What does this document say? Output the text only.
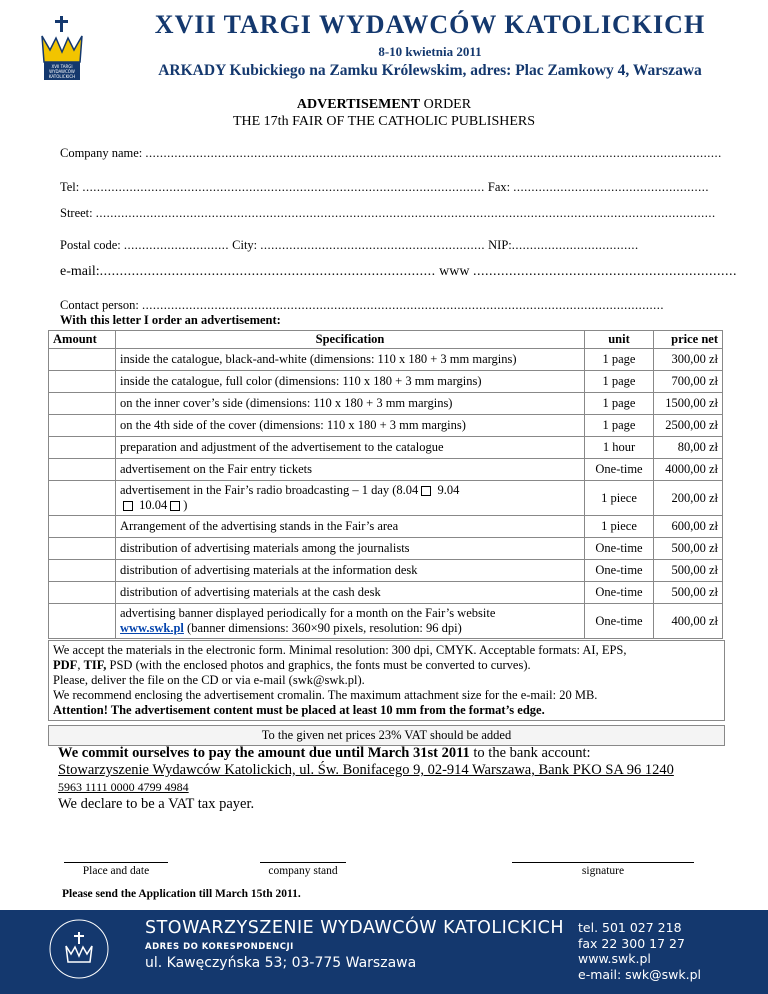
XVII TARGI
WYDAWCÓW
KATOLICKICH
XVII TARGI WYDAWCÓW KATOLICKICH
8-10 kwietnia 2011
ARKADY Kubickiego na Zamku Królewskim, adres: Plac Zamkowy 4, Warszawa
ADVERTISEMENT ORDER
THE 17th FAIR OF THE CATHOLIC PUBLISHERS
Company name: ...............................................................................................................................................................
Tel: ............................................................................................................... Fax: ......................................................
Street: ...........................................................................................................................................................................
Postal code: ............................. City: .............................................................. NIP:...................................
e-mail:.................................................................................... www ..................................................................
Contact person: ................................................................................................................................................
With this letter I order an advertisement:
Amount	Specification	unit	price net
	inside the catalogue, black-and-white (dimensions: 110 x 180 + 3 mm margins)	1 page	300,00 zł
	inside the catalogue, full color (dimensions: 110 x 180 + 3 mm margins)	1 page	700,00 zł
	on the inner cover’s side (dimensions: 110 x 180 + 3 mm margins)	1 page	1500,00 zł
	on the 4th side of the cover (dimensions: 110 x 180 + 3 mm margins)	1 page	2500,00 zł
	preparation and adjustment of the advertisement to the catalogue	1 hour	80,00 zł
	advertisement on the Fair entry tickets	One-time	4000,00 zł
	advertisement in the Fair’s radio broadcasting – 1 day (8.04 9.04
10.04 )	1 piece	200,00 zł
	Arrangement of the advertising stands in the Fair’s area	1 piece	600,00 zł
	distribution of advertising materials among the journalists	One-time	500,00 zł
	distribution of advertising materials at the information desk	One-time	500,00 zł
	distribution of advertising materials at the cash desk	One-time	500,00 zł
	advertising banner displayed periodically for a month on the Fair’s website
www.swk.pl (banner dimensions: 360×90 pixels, resolution: 96 dpi)	One-time	400,00 zł
We accept the materials in the electronic form. Minimal resolution: 300 dpi, CMYK. Acceptable formats: AI, EPS,
PDF, TIF, PSD (with the enclosed photos and graphics, the fonts must be converted to curves).
Please, deliver the file on the CD or via e-mail (swk@swk.pl).
We recommend enclosing the advertisement cromalin. The maximum attachment size for the e-mail: 20 MB.
Attention! The advertisement content must be placed at least 10 mm from the format’s edge.
To the given net prices 23% VAT should be added
We commit ourselves to pay the amount due until March 31st 2011 to the bank account:
Stowarzyszenie Wydawców Katolickich, ul. Św. Bonifacego 9, 02-914 Warszawa, Bank PKO SA 96 1240
5963 1111 0000 4799 4984
We declare to be a VAT tax payer.
Place and date	company stand	signature
Please send the Application till March 15th 2011.
STOWARZYSZENIE WYDAWCÓW KATOLICKICH
ADRES DO KORESPONDENCJI
ul. Kawęczyńska 53; 03-775 Warszawa
tel. 501 027 218
fax 22 300 17 27
www.swk.pl
e-mail: swk@swk.pl
